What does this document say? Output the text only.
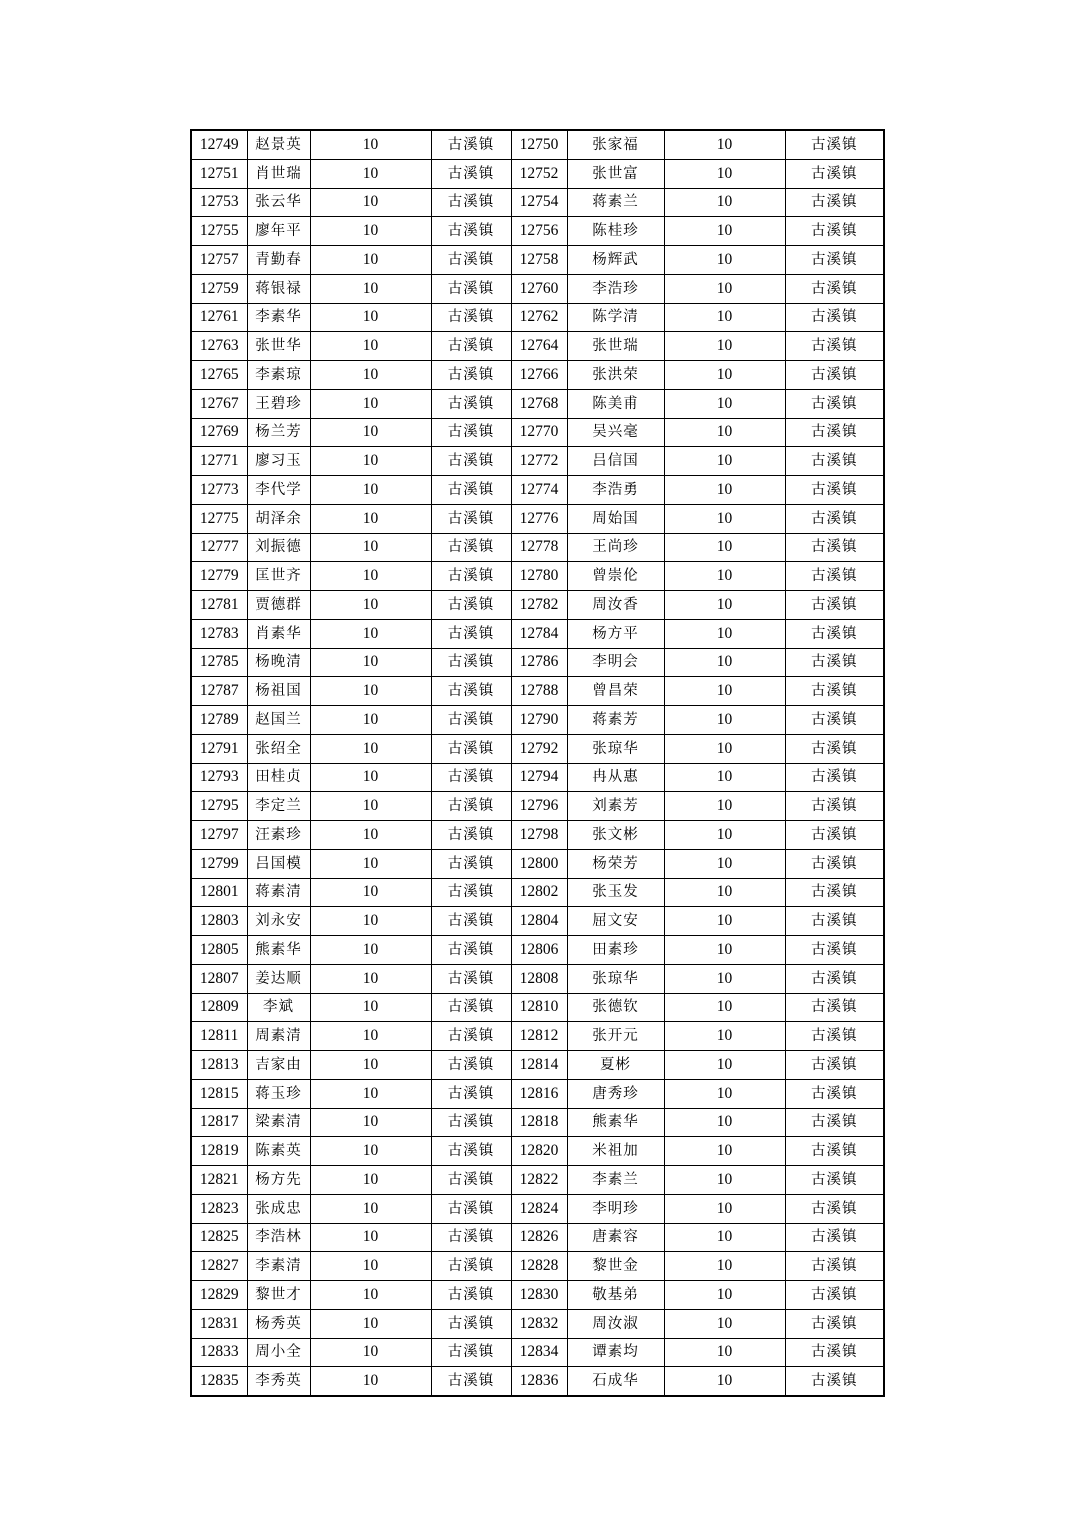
12749	赵景英	10	古溪镇	12750	张家福	10	古溪镇
12751	肖世瑞	10	古溪镇	12752	张世富	10	古溪镇
12753	张云华	10	古溪镇	12754	蒋素兰	10	古溪镇
12755	廖年平	10	古溪镇	12756	陈桂珍	10	古溪镇
12757	青勤春	10	古溪镇	12758	杨辉武	10	古溪镇
12759	蒋银禄	10	古溪镇	12760	李浩珍	10	古溪镇
12761	李素华	10	古溪镇	12762	陈学清	10	古溪镇
12763	张世华	10	古溪镇	12764	张世瑞	10	古溪镇
12765	李素琼	10	古溪镇	12766	张洪荣	10	古溪镇
12767	王碧珍	10	古溪镇	12768	陈美甫	10	古溪镇
12769	杨兰芳	10	古溪镇	12770	吴兴毫	10	古溪镇
12771	廖习玉	10	古溪镇	12772	吕信国	10	古溪镇
12773	李代学	10	古溪镇	12774	李浩勇	10	古溪镇
12775	胡泽余	10	古溪镇	12776	周始国	10	古溪镇
12777	刘振德	10	古溪镇	12778	王尚珍	10	古溪镇
12779	匡世齐	10	古溪镇	12780	曾崇伦	10	古溪镇
12781	贾德群	10	古溪镇	12782	周汝香	10	古溪镇
12783	肖素华	10	古溪镇	12784	杨方平	10	古溪镇
12785	杨晚清	10	古溪镇	12786	李明会	10	古溪镇
12787	杨祖国	10	古溪镇	12788	曾昌荣	10	古溪镇
12789	赵国兰	10	古溪镇	12790	蒋素芳	10	古溪镇
12791	张绍全	10	古溪镇	12792	张琼华	10	古溪镇
12793	田桂贞	10	古溪镇	12794	冉从惠	10	古溪镇
12795	李定兰	10	古溪镇	12796	刘素芳	10	古溪镇
12797	汪素珍	10	古溪镇	12798	张文彬	10	古溪镇
12799	吕国模	10	古溪镇	12800	杨荣芳	10	古溪镇
12801	蒋素清	10	古溪镇	12802	张玉发	10	古溪镇
12803	刘永安	10	古溪镇	12804	屈文安	10	古溪镇
12805	熊素华	10	古溪镇	12806	田素珍	10	古溪镇
12807	姜达顺	10	古溪镇	12808	张琼华	10	古溪镇
12809	李斌	10	古溪镇	12810	张德钦	10	古溪镇
12811	周素清	10	古溪镇	12812	张开元	10	古溪镇
12813	吉家由	10	古溪镇	12814	夏彬	10	古溪镇
12815	蒋玉珍	10	古溪镇	12816	唐秀珍	10	古溪镇
12817	梁素清	10	古溪镇	12818	熊素华	10	古溪镇
12819	陈素英	10	古溪镇	12820	米祖加	10	古溪镇
12821	杨方先	10	古溪镇	12822	李素兰	10	古溪镇
12823	张成忠	10	古溪镇	12824	李明珍	10	古溪镇
12825	李浩林	10	古溪镇	12826	唐素容	10	古溪镇
12827	李素清	10	古溪镇	12828	黎世金	10	古溪镇
12829	黎世才	10	古溪镇	12830	敬基弟	10	古溪镇
12831	杨秀英	10	古溪镇	12832	周汝淑	10	古溪镇
12833	周小全	10	古溪镇	12834	谭素均	10	古溪镇
12835	李秀英	10	古溪镇	12836	石成华	10	古溪镇
